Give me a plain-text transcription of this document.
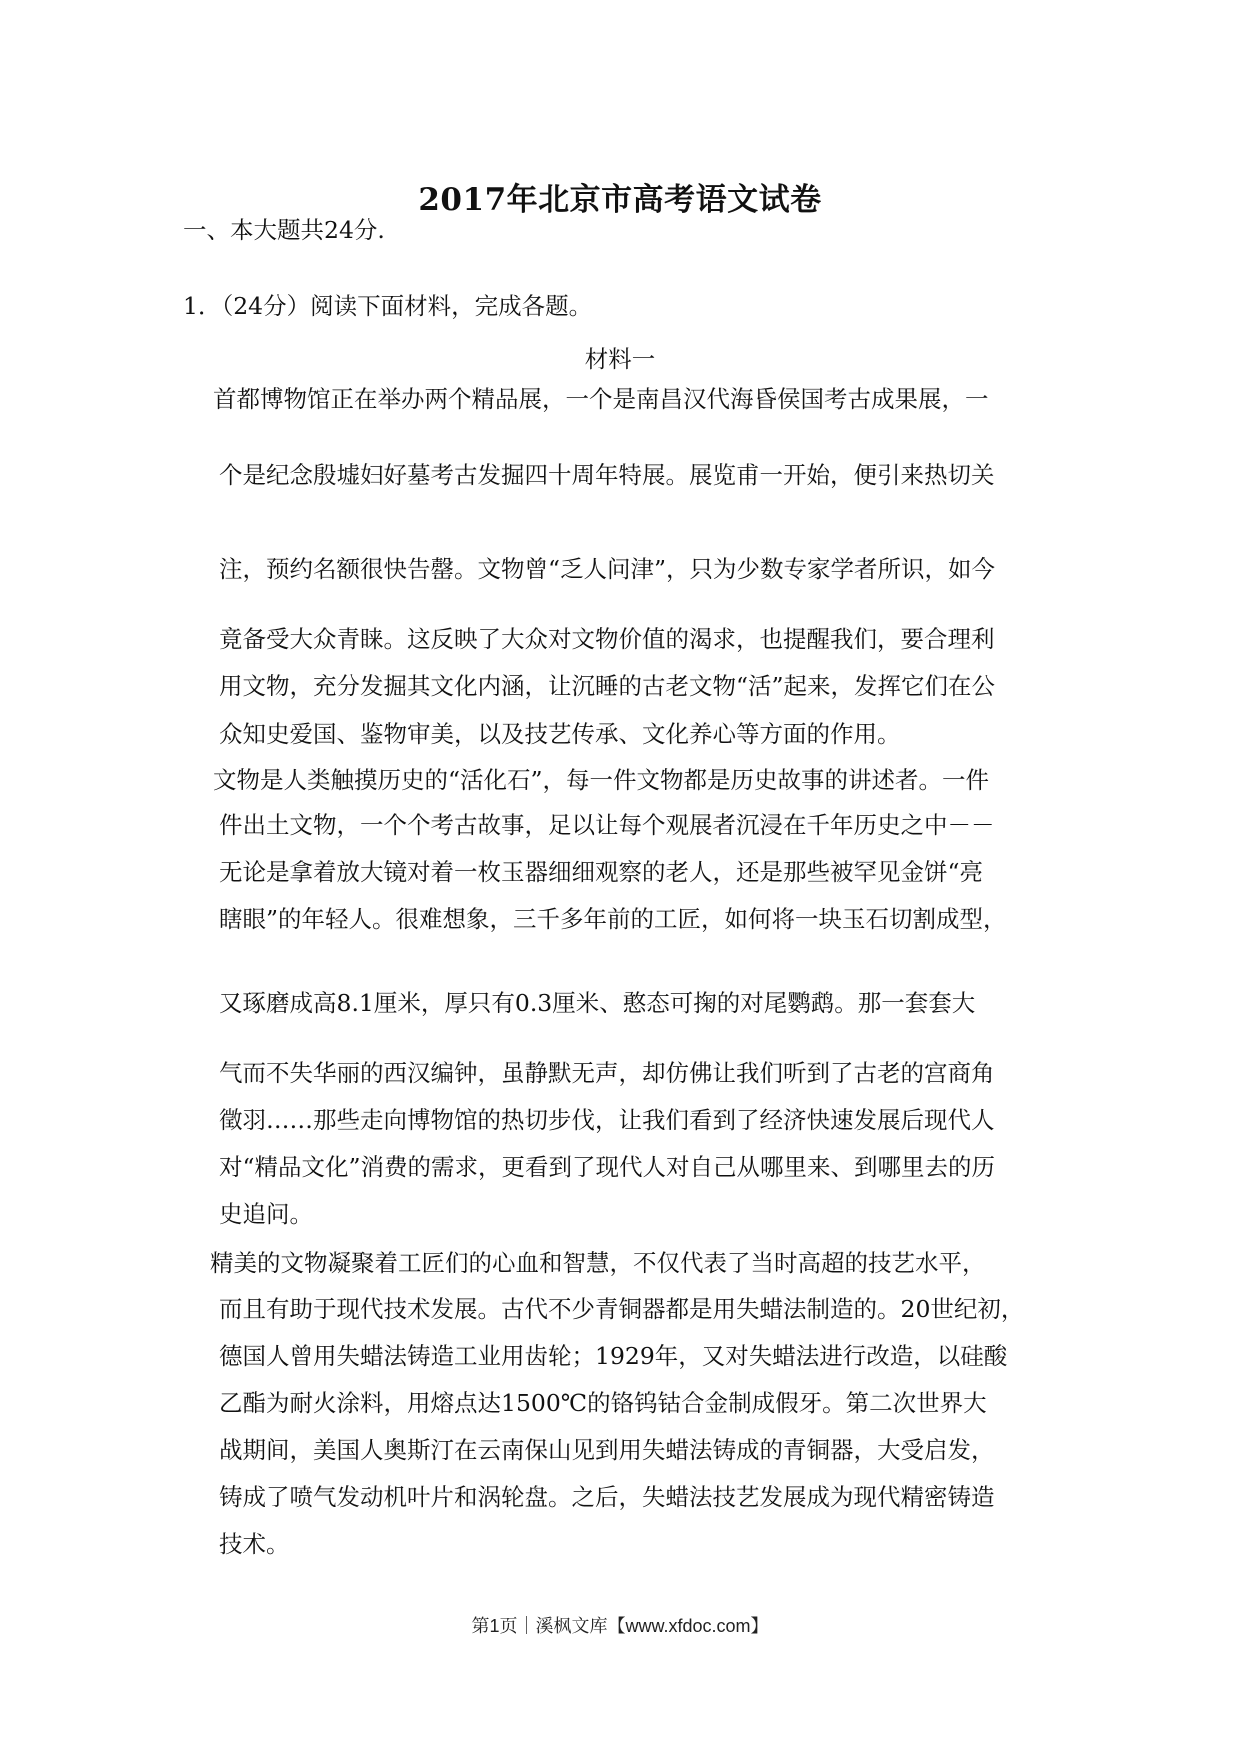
2017年北京市高考语文试卷
一、本大题共24分.
1．（24分）阅读下面材料，完成各题。
材料一
首都博物馆正在举办两个精品展，一个是南昌汉代海昏侯国考古成果展，一
个是纪念殷墟妇好墓考古发掘四十周年特展。展览甫一开始，便引来热切关
注，预约名额很快告罄。文物曾“乏人问津”，只为少数专家学者所识，如今
竟备受大众青睐。这反映了大众对文物价值的渴求，也提醒我们，要合理利
用文物，充分发掘其文化内涵，让沉睡的古老文物“活”起来，发挥它们在公
众知史爱国、鉴物审美，以及技艺传承、文化养心等方面的作用。
文物是人类触摸历史的“活化石”，每一件文物都是历史故事的讲述者。一件
件出土文物，一个个考古故事，足以让每个观展者沉浸在千年历史之中－－
无论是拿着放大镜对着一枚玉器细细观察的老人，还是那些被罕见金饼“亮
瞎眼”的年轻人。很难想象，三千多年前的工匠，如何将一块玉石切割成型，
又琢磨成高8.1厘米，厚只有0.3厘米、憨态可掬的对尾鹦鹉。那一套套大
气而不失华丽的西汉编钟，虽静默无声，却仿佛让我们听到了古老的宫商角
徵羽……那些走向博物馆的热切步伐，让我们看到了经济快速发展后现代人
对“精品文化”消费的需求，更看到了现代人对自己从哪里来、到哪里去的历
史追问。
精美的文物凝聚着工匠们的心血和智慧，不仅代表了当时高超的技艺水平，
而且有助于现代技术发展。古代不少青铜器都是用失蜡法制造的。20世纪初，
德国人曾用失蜡法铸造工业用齿轮；1929年，又对失蜡法进行改造，以硅酸
乙酯为耐火涂料，用熔点达1500℃的铬钨钴合金制成假牙。第二次世界大
战期间，美国人奥斯汀在云南保山见到用失蜡法铸成的青铜器，大受启发，
铸成了喷气发动机叶片和涡轮盘。之后，失蜡法技艺发展成为现代精密铸造
技术。
第1页｜溪枫文库【www.xfdoc.com】
